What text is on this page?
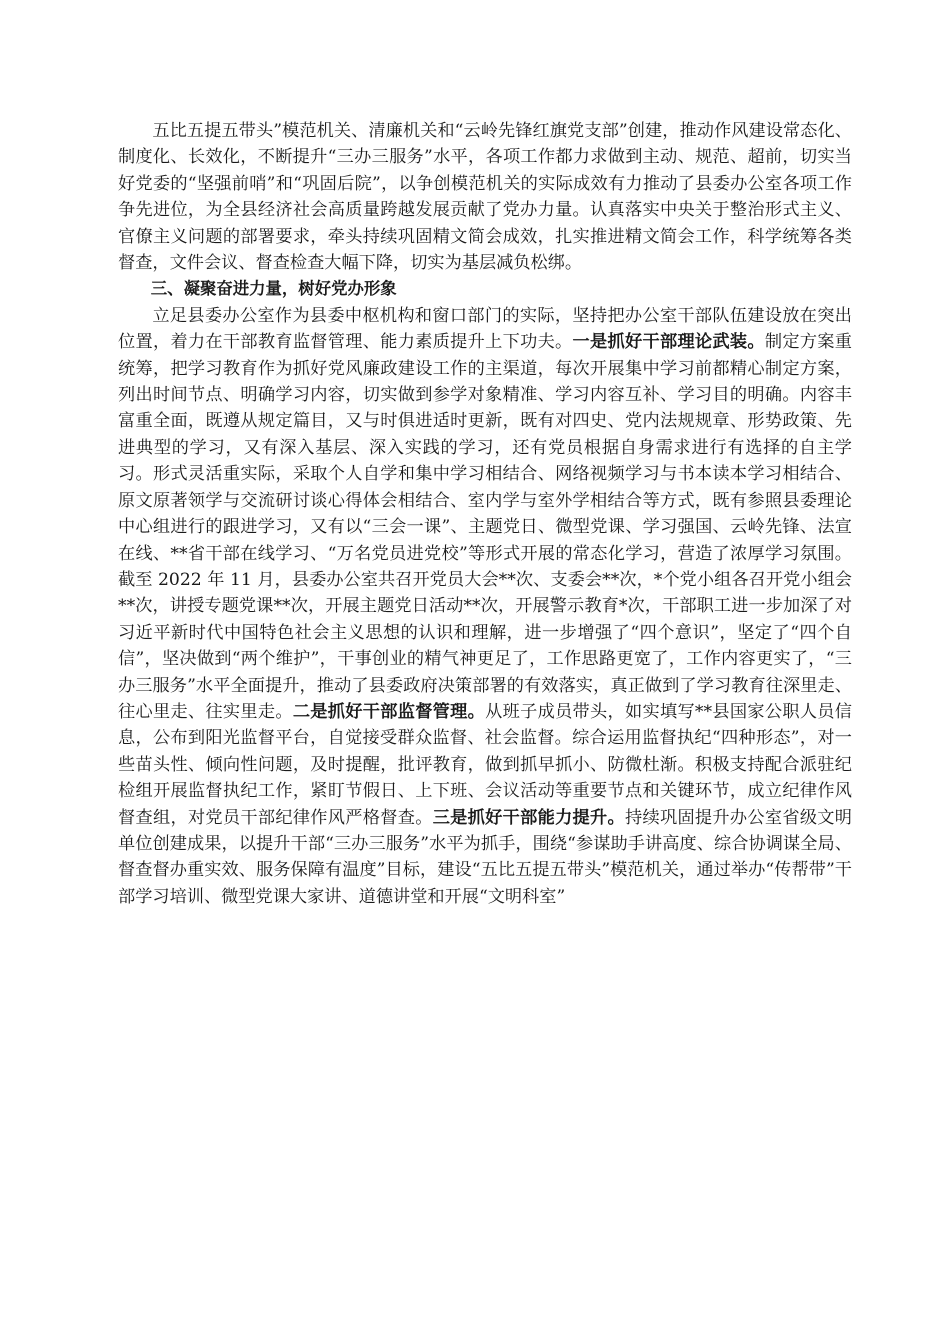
五比五提五带头”模范机关、清廉机关和“云岭先锋红旗党支部”创建，推动作风建设常态化、制度化、长效化，不断提升“三办三服务”水平，各项工作都力求做到主动、规范、超前，切实当好党委的“坚强前哨”和“巩固后院”，以争创模范机关的实际成效有力推动了县委办公室各项工作争先进位，为全县经济社会高质量跨越发展贡献了党办力量。认真落实中央关于整治形式主义、官僚主义问题的部署要求，牵头持续巩固精文简会成效，扎实推进精文简会工作，科学统筹各类督查，文件会议、督查检查大幅下降，切实为基层减负松绑。

三、凝聚奋进力量，树好党办形象

立足县委办公室作为县委中枢机构和窗口部门的实际，坚持把办公室干部队伍建设放在突出位置，着力在干部教育监督管理、能力素质提升上下功夫。一是抓好干部理论武装。制定方案重统筹，把学习教育作为抓好党风廉政建设工作的主渠道，每次开展集中学习前都精心制定方案，列出时间节点、明确学习内容，切实做到参学对象精准、学习内容互补、学习目的明确。内容丰富重全面，既遵从规定篇目，又与时俱进适时更新，既有对四史、党内法规规章、形势政策、先进典型的学习，又有深入基层、深入实践的学习，还有党员根据自身需求进行有选择的自主学习。形式灵活重实际，采取个人自学和集中学习相结合、网络视频学习与书本读本学习相结合、原文原著领学与交流研讨谈心得体会相结合、室内学与室外学相结合等方式，既有参照县委理论中心组进行的跟进学习，又有以“三会一课”、主题党日、微型党课、学习强国、云岭先锋、法宣在线、**省干部在线学习、“万名党员进党校”等形式开展的常态化学习，营造了浓厚学习氛围。截至 2022 年 11 月，县委办公室共召开党员大会**次、支委会**次，*个党小组各召开党小组会**次，讲授专题党课**次，开展主题党日活动**次，开展警示教育*次，干部职工进一步加深了对习近平新时代中国特色社会主义思想的认识和理解，进一步增强了“四个意识”，坚定了“四个自信”，坚决做到“两个维护”，干事创业的精气神更足了，工作思路更宽了，工作内容更实了，“三办三服务”水平全面提升，推动了县委政府决策部署的有效落实，真正做到了学习教育往深里走、往心里走、往实里走。二是抓好干部监督管理。从班子成员带头，如实填写**县国家公职人员信息，公布到阳光监督平台，自觉接受群众监督、社会监督。综合运用监督执纪“四种形态”，对一些苗头性、倾向性问题，及时提醒，批评教育，做到抓早抓小、防微杜渐。积极支持配合派驻纪检组开展监督执纪工作，紧盯节假日、上下班、会议活动等重要节点和关键环节，成立纪律作风督查组，对党员干部纪律作风严格督查。三是抓好干部能力提升。持续巩固提升办公室省级文明单位创建成果，以提升干部“三办三服务”水平为抓手，围绕“参谋助手讲高度、综合协调谋全局、督查督办重实效、服务保障有温度”目标，建设“五比五提五带头”模范机关，通过举办“传帮带”干部学习培训、微型党课大家讲、道德讲堂和开展“文明科室”
